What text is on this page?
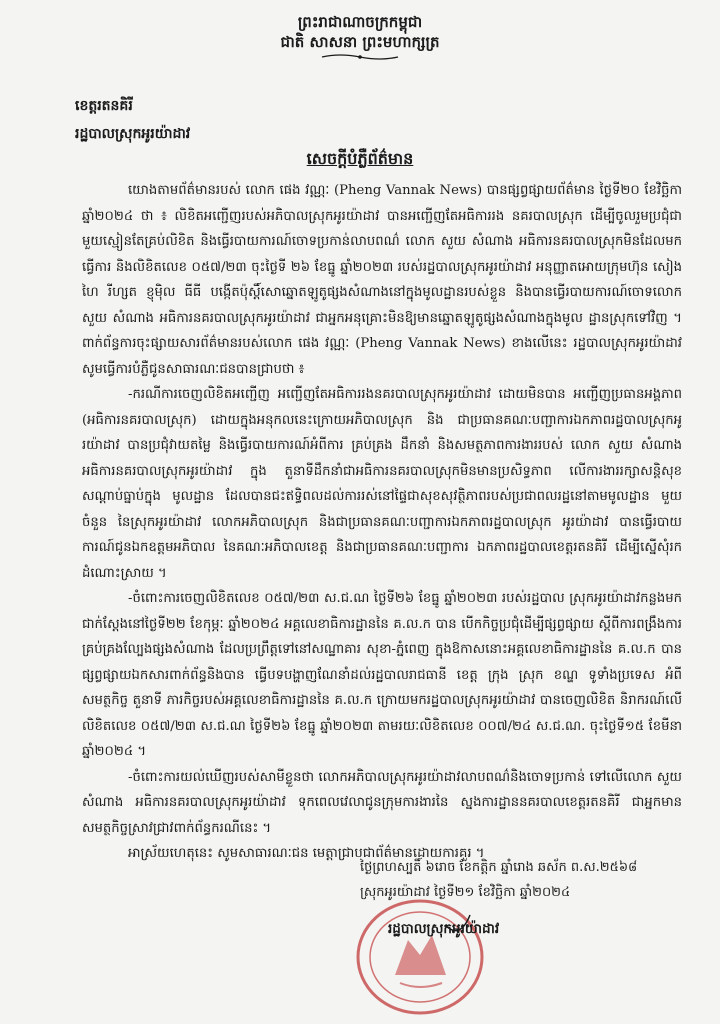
ព្រះរាជាណាចក្រកម្ពុជា
ជាតិ សាសនា ព្រះមហាក្សត្រ
ខេត្តរតនគិរី
រដ្ឋបាលស្រុកអូរយ៉ាដាវ
សេចក្តីបំភ្លឺព័ត៌មាន

យោងតាមព័ត៌មានរបស់ លោក ផេង វណ្ណៈ (Pheng Vannak News) បានផ្សព្វផ្សាយព័ត៌មាន ថ្ងៃទី២០ ខែវិច្ឆិកា ឆ្នាំ២០២៤ ថា ៖ លិខិតអញ្ជើញរបស់អភិបាលស្រុកអូរយ៉ាដាវ បានអញ្ជើញតែអធិការរង នគរបាលស្រុក ដើម្បីចូលរួមប្រជុំជាមួយស្មៀនតែគ្រប់លិខិត និងធ្វើរបាយការណ៍ចោទប្រកាន់លាបពណ៌ លោក សួយ សំណាង អធិការនគរបាលស្រុកមិនដែលមកធ្វើការ និងលិខិតលេខ ០៥៧/២៣ ចុះថ្ងៃទី ២៦ ខែធ្នូ ឆ្នាំ២០២៣ របស់រដ្ឋបាលស្រុកអូរយ៉ាដាវ អនុញ្ញាតអោយក្រុមហ៊ុន សៀង ហៃ រីហ្សត ខ្ញុម៉ិល ធីធី បង្កើតប៉ុស្តិ៍សោឆ្នោតឡូតូផ្សងសំណាងនៅក្នុងមូលដ្ឋានរបស់ខ្លួន និងបានធ្វើរបាយការណ៍ចោទលោក សួយ សំណាង អធិការនគរបាលស្រុកអូរយ៉ាដាវ ជាអ្នកអនុគ្រោះមិនឱ្យមានឆ្នោតឡូតូផ្សងសំណាងក្នុងមូល ដ្ឋានស្រុកទៅវិញ ។ ពាក់ព័ន្ធការចុះផ្សាយសារព័ត៌មានរបស់លោក ផេង វណ្ណៈ (Pheng Vannak News) ខាងលើនេះ រដ្ឋបាលស្រុកអូរយ៉ាដាវ សូមធ្វើការបំភ្លឺជូនសាធារណៈជនបានជ្រាបថា ៖

-ករណីការចេញលិខិតអញ្ជើញ អញ្ជើញតែអធិការរងនគរបាលស្រុកអូរយ៉ាដាវ ដោយមិនបាន អញ្ជើញប្រធានអង្គភាព (អធិការនគរបាលស្រុក) ដោយក្នុងអនុកលនេះក្រោយអភិបាលស្រុក និង ជាប្រធានគណៈបញ្ជាការឯកភាពរដ្ឋបាលស្រុកអូរយ៉ាដាវ បានប្រជុំវាយតម្លៃ និងធ្វើរបាយការណ៍អំពីការ គ្រប់គ្រង ដឹកនាំ និងសមត្ថភាពការងាររបស់ លោក សួយ សំណាង អធិការនគរបាលស្រុកអូរយ៉ាដាវ ក្នុង តួនាទីដឹកនាំជាអធិការនគរបាលស្រុកមិនមានប្រសិទ្ធភាព លើការងាររក្សាសន្តិសុខ សណ្តាប់ធ្នាប់ក្នុង មូលដ្ឋាន ដែលបានជះឥទ្ធិពលដល់ការរស់នៅផ្ទៃជាសុខសុវត្ថិភាពរបស់ប្រជាពលរដ្ឋនៅតាមមូលដ្ឋាន មួយចំនួន នៃស្រុកអូរយ៉ាដាវ លោកអភិបាលស្រុក និងជាប្រធានគណៈបញ្ជាការឯកភាពរដ្ឋបាលស្រុក អូរយ៉ាដាវ បានធ្វើរបាយការណ៍ជូនឯកឧត្តមអភិបាល នៃគណៈអភិបាលខេត្ត និងជាប្រធានគណៈបញ្ជាការ ឯកភាពរដ្ឋបាលខេត្តរតនគិរី ដើម្បីស្នើសុំរកដំណោះស្រាយ ។

-ចំពោះការចេញលិខិតលេខ ០៥៧/២៣ ស.ជ.ណ ថ្ងៃទី២៦ ខែធ្នូ ឆ្នាំ២០២៣ របស់រដ្ឋបាល ស្រុកអូរយ៉ាដាវកន្លងមក ជាក់ស្តែងនៅថ្ងៃទី២២ ខែកុម្ភៈ ឆ្នាំ២០២៤ អគ្គលេខាធិការដ្ឋាននៃ គ.ល.ក បាន បើកកិច្ចប្រជុំដើម្បីផ្សព្វផ្សាយ ស្តីពីការពង្រឹងការគ្រប់គ្រងល្បែងផ្សងសំណាង ដែលប្រព្រឹត្តទៅនៅសណ្ឋាគារ សុខា-ភ្នំពេញ ក្នុងឱកាសនោះអគ្គលេខាធិការដ្ឋាននៃ គ.ល.ក បានផ្សព្វផ្សាយឯកសារពាក់ព័ន្ធនិងបាន ធ្វើបទបង្ហាញណែនាំដល់រដ្ឋបាលរាជធានី ខេត្ត ក្រុង ស្រុក ខណ្ឌ ទូទាំងប្រទេស អំពីសមត្ថកិច្ច តួនាទី ភារកិច្ចរបស់អគ្គលេខាធិការដ្ឋាននៃ គ.ល.ក ក្រោយមករដ្ឋបាលស្រុកអូរយ៉ាដាវ បានចេញលិខិត និរាករណ៍លើលិខិតលេខ ០៥៧/២៣ ស.ជ.ណ ថ្ងៃទី២៦ ខែធ្នូ ឆ្នាំ២០២៣ តាមរយៈលិខិតលេខ ០០៧/២៤ ស.ជ.ណ. ចុះថ្ងៃទី១៥ ខែមីនា ឆ្នាំ២០២៤ ។

-ចំពោះការយល់ឃើញរបស់សាមីខ្លួនថា លោកអភិបាលស្រុកអូរយ៉ាដាវលាបពណ៌និងចោទប្រកាន់ ទៅលើលោក សួយ សំណាង អធិការនគរបាលស្រុកអូរយ៉ាដាវ ទុកពេលវេលាជូនក្រុមការងារនៃ ស្នងការដ្ឋាននគរបាលខេត្តរតនគិរី ជាអ្នកមានសមត្ថកិច្ចស្រាវជ្រាវពាក់ព័ន្ធករណីនេះ ។

អាស្រ័យហេតុនេះ សូមសាធារណៈជន មេត្តាជ្រាបជាព័ត៌មានដោយការគួរ ។

ថ្ងៃព្រហស្បតិ៍ ៦រោច ខែកត្តិក ឆ្នាំរោង ឆស័ក ព.ស.២៥៦៨
ស្រុកអូរយ៉ាដាវ ថ្ងៃទី២១ ខែវិច្ឆិកា ឆ្នាំ២០២៤
រដ្ឋបាលស្រុកអូរយ៉ាដាវ
